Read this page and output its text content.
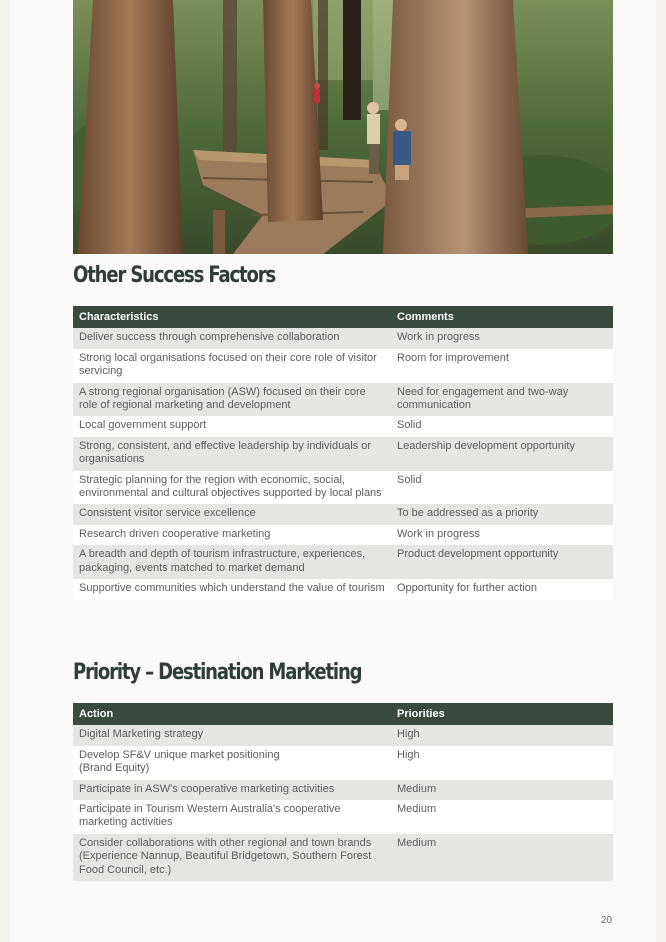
Other Success Factors
Characteristics	Comments
Deliver success through comprehensive collaboration	Work in progress
Strong local organisations focused on their core role of visitor servicing	Room for improvement
A strong regional organisation (ASW) focused on their core role of regional marketing and development	Need for engagement and two-way communication
Local government support	Solid
Strong, consistent, and effective leadership by individuals or organisations	Leadership development opportunity
Strategic planning for the region with economic, social, environmental and cultural objectives supported by local plans	Solid
Consistent visitor service excellence	To be addressed as a priority
Research driven cooperative marketing	Work in progress
A breadth and depth of tourism infrastructure, experiences, packaging, events matched to market demand	Product development opportunity
Supportive communities which understand the value of tourism	Opportunity for further action
Priority – Destination Marketing
Action	Priorities
Digital Marketing strategy	High
Develop SF&V unique market positioning
(Brand Equity)	High
Participate in ASW's cooperative marketing activities	Medium
Participate in Tourism Western Australia's cooperative marketing activities	Medium
Consider collaborations with other regional and town brands (Experience Nannup, Beautiful Bridgetown, Southern Forest Food Council, etc.)	Medium
20
